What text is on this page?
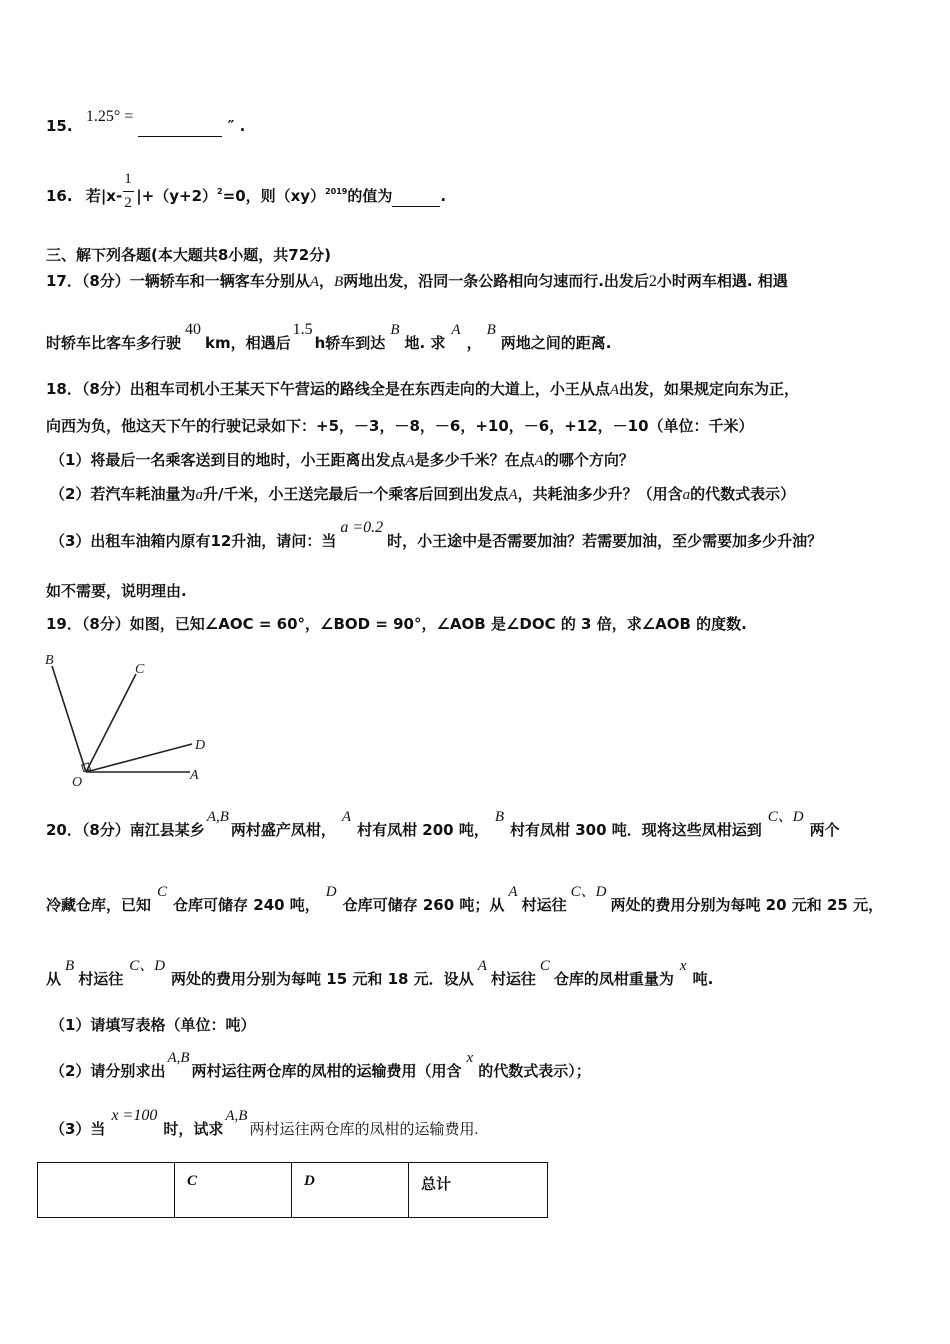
15. 1.25° =   ″ .
16. 若$|x- \frac{1}{2} |+(y+2)^2=0$，则（xy）$^{2019}$的值为	.
三、解下列各题(本大题共8小题，共72分)
17．（8分）一辆轿车和一辆客车分别从A，B两地出发，沿同一条公路相向匀速而行.出发后2小时两车相遇. 相遇
时轿车比客车多行驶40km，相遇后1.5h轿车到达B地. 求A，B两地之间的距离.
18．（8分）出租车司机小王某天下午营运的路线全是在东西走向的大道上，小王从点A出发，如果规定向东为正，
向西为负，他这天下午的行驶记录如下：+5，－3，－8，－6，+10，－6，+12，－10（单位：千米）
（1）将最后一名乘客送到目的地时，小王距离出发点A是多少千米？在点A的哪个方向？
（2）若汽车耗油量为a升/千米，小王送完最后一个乘客后回到出发点A，共耗油多少升？（用含a的代数式表示）
（3）出租车油箱内原有12升油，请问：当a =0.2时，小王途中是否需要加油？若需要加油，至少需要加多少升油？
如不需要，说明理由.
19．（8分）如图，已知∠AOC = 60°，∠BOD = 90°，∠AOB 是∠DOC 的 3 倍，求∠AOB 的度数.
B
C
D
O	A
20．（8分）南江县某乡A,B两村盛产凤柑，A村有凤柑 200 吨，B村有凤柑 300 吨．现将这些凤柑运到C、D两个
冷藏仓库，已知C仓库可储存 240 吨，D仓库可储存 260 吨；从A村运往C、D两处的费用分别为每吨 20 元和 25 元，
从B村运往C、D两处的费用分别为每吨 15 元和 18 元．设从A村运往C仓库的凤柑重量为x吨.
（1）请填写表格（单位：吨）
（2）请分别求出A,B两村运往两仓库的凤柑的运输费用（用含x的代数式表示）；
（3）当x =100时，试求A,B两村运往两仓库的凤柑的运输费用.
	C	D	总计
